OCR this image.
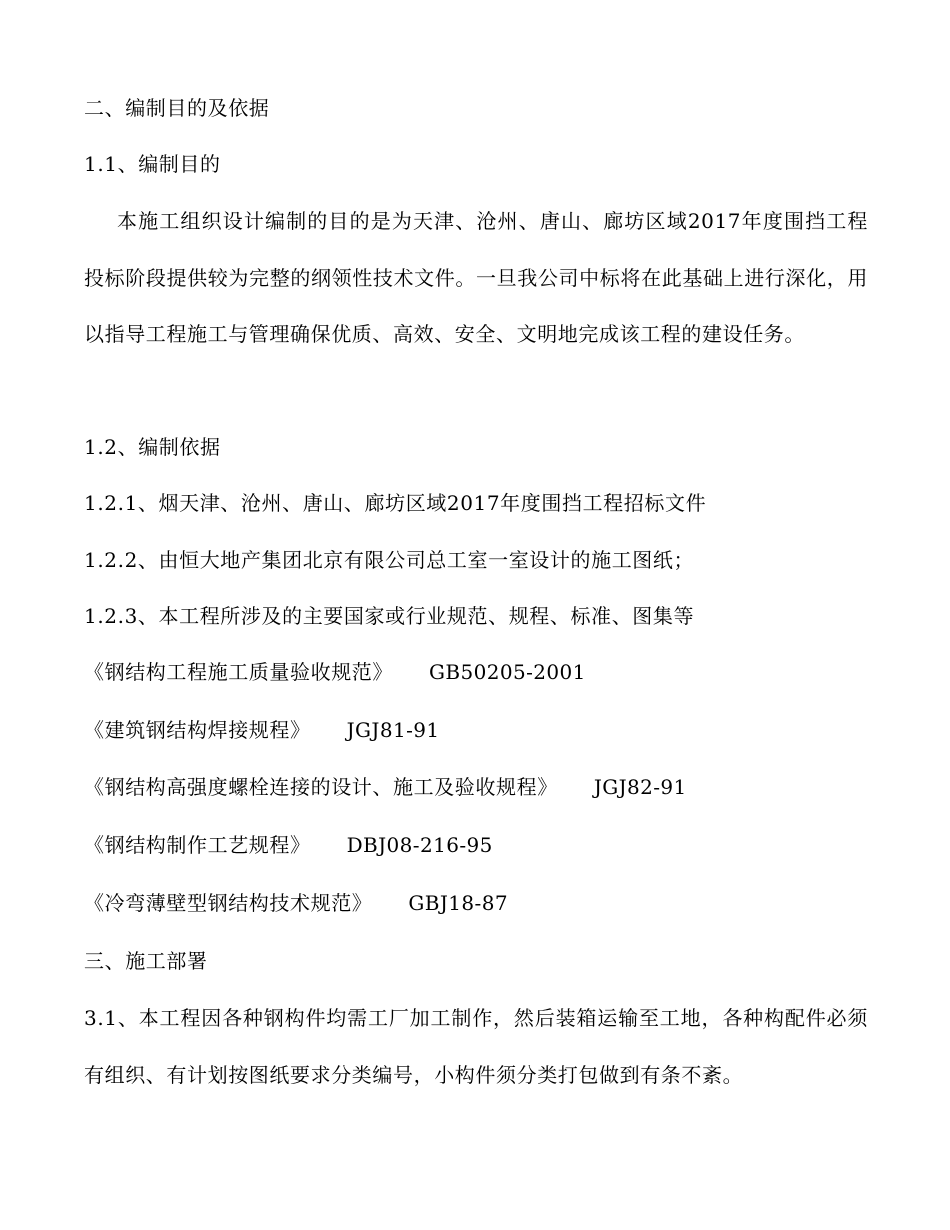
二、编制目的及依据
1.1、编制目的
本施工组织设计编制的目的是为天津、沧州、唐山、廊坊区域2017年度围挡工程投标阶段提供较为完整的纲领性技术文件。一旦我公司中标将在此基础上进行深化，用以指导工程施工与管理确保优质、高效、安全、文明地完成该工程的建设任务。
1.2、编制依据
1.2.1、烟天津、沧州、唐山、廊坊区域2017年度围挡工程招标文件
1.2.2、由恒大地产集团北京有限公司总工室一室设计的施工图纸；
1.2.3、本工程所涉及的主要国家或行业规范、规程、标准、图集等
《钢结构工程施工质量验收规范》 GB50205-2001
《建筑钢结构焊接规程》 JGJ81-91
《钢结构高强度螺栓连接的设计、施工及验收规程》 JGJ82-91
《钢结构制作工艺规程》 DBJ08-216-95
《冷弯薄壁型钢结构技术规范》 GBJ18-87
三、施工部署
3.1、本工程因各种钢构件均需工厂加工制作，然后装箱运输至工地，各种构配件必须有组织、有计划按图纸要求分类编号，小构件须分类打包做到有条不紊。
